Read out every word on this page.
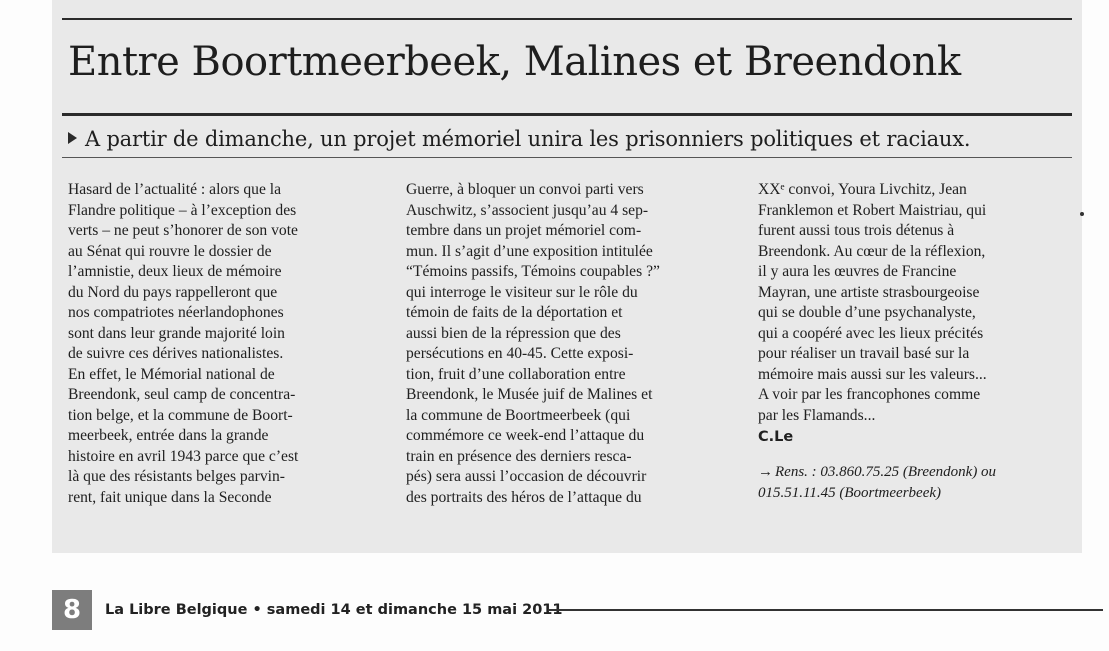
Entre Boortmeerbeek, Malines et Breendonk
A partir de dimanche, un projet mémoriel unira les prisonniers politiques et raciaux.
Hasard de l’actualité : alors que la
Flandre politique – à l’exception des
verts – ne peut s’honorer de son vote
au Sénat qui rouvre le dossier de
l’amnistie, deux lieux de mémoire
du Nord du pays rappelleront que
nos compatriotes néerlandophones
sont dans leur grande majorité loin
de suivre ces dérives nationalistes.
En effet, le Mémorial national de
Breendonk, seul camp de concentra-
tion belge, et la commune de Boort-
meerbeek, entrée dans la grande
histoire en avril 1943 parce que c’est
là que des résistants belges parvin-
rent, fait unique dans la Seconde
Guerre, à bloquer un convoi parti vers
Auschwitz, s’associent jusqu’au 4 sep-
tembre dans un projet mémoriel com-
mun. Il s’agit d’une exposition intitulée
“Témoins passifs, Témoins coupables ?”
qui interroge le visiteur sur le rôle du
témoin de faits de la déportation et
aussi bien de la répression que des
persécutions en 40-45. Cette exposi-
tion, fruit d’une collaboration entre
Breendonk, le Musée juif de Malines et
la commune de Boortmeerbeek (qui
commémore ce week-end l’attaque du
train en présence des derniers resca-
pés) sera aussi l’occasion de découvrir
des portraits des héros de l’attaque du
XXᵉ convoi, Youra Livchitz, Jean
Franklemon et Robert Maistriau, qui
furent aussi tous trois détenus à
Breendonk. Au cœur de la réflexion,
il y aura les œuvres de Francine
Mayran, une artiste strasbourgeoise
qui se double d’une psychanalyste,
qui a coopéré avec les lieux précités
pour réaliser un travail basé sur la
mémoire mais aussi sur les valeurs...
A voir par les francophones comme
par les Flamands...
C.Le
→ Rens. : 03.860.75.25 (Breendonk) ou
015.51.11.45 (Boortmeerbeek)
8	La Libre Belgique • samedi 14 et dimanche 15 mai 2011
